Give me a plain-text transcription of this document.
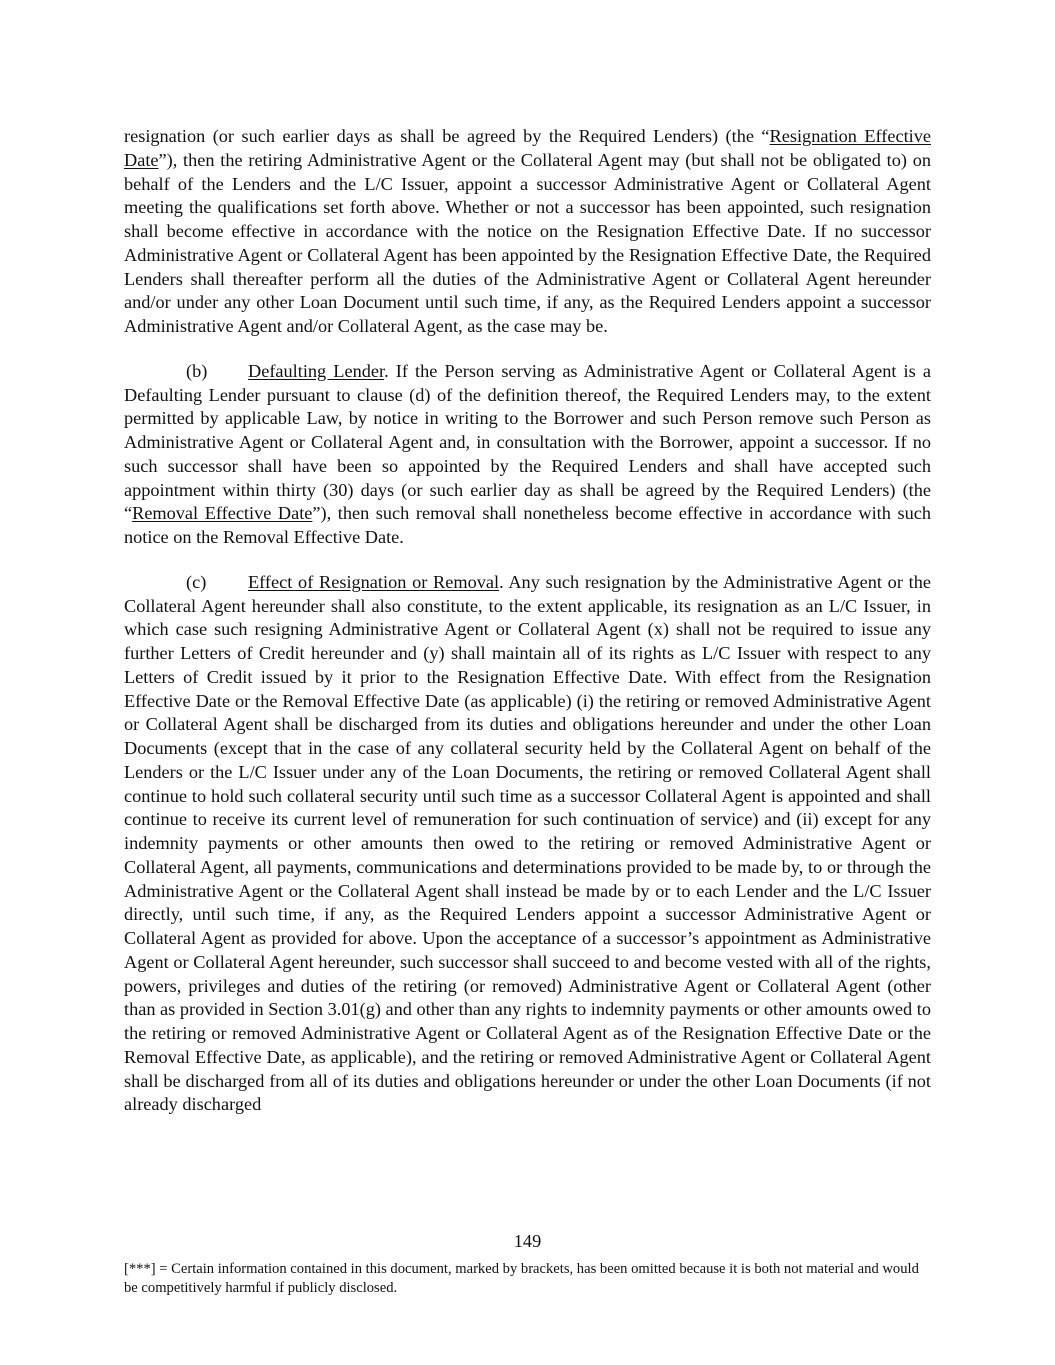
resignation (or such earlier days as shall be agreed by the Required Lenders) (the “Resignation Effective Date”), then the retiring Administrative Agent or the Collateral Agent may (but shall not be obligated to) on behalf of the Lenders and the L/C Issuer, appoint a successor Administrative Agent or Collateral Agent meeting the qualifications set forth above. Whether or not a successor has been appointed, such resignation shall become effective in accordance with the notice on the Resignation Effective Date. If no successor Administrative Agent or Collateral Agent has been appointed by the Resignation Effective Date, the Required Lenders shall thereafter perform all the duties of the Administrative Agent or Collateral Agent hereunder and/or under any other Loan Document until such time, if any, as the Required Lenders appoint a successor Administrative Agent and/or Collateral Agent, as the case may be.

(b) Defaulting Lender. If the Person serving as Administrative Agent or Collateral Agent is a Defaulting Lender pursuant to clause (d) of the definition thereof, the Required Lenders may, to the extent permitted by applicable Law, by notice in writing to the Borrower and such Person remove such Person as Administrative Agent or Collateral Agent and, in consultation with the Borrower, appoint a successor. If no such successor shall have been so appointed by the Required Lenders and shall have accepted such appointment within thirty (30) days (or such earlier day as shall be agreed by the Required Lenders) (the “Removal Effective Date”), then such removal shall nonetheless become effective in accordance with such notice on the Removal Effective Date.

(c) Effect of Resignation or Removal. Any such resignation by the Administrative Agent or the Collateral Agent hereunder shall also constitute, to the extent applicable, its resignation as an L/C Issuer, in which case such resigning Administrative Agent or Collateral Agent (x) shall not be required to issue any further Letters of Credit hereunder and (y) shall maintain all of its rights as L/C Issuer with respect to any Letters of Credit issued by it prior to the Resignation Effective Date. With effect from the Resignation Effective Date or the Removal Effective Date (as applicable) (i) the retiring or removed Administrative Agent or Collateral Agent shall be discharged from its duties and obligations hereunder and under the other Loan Documents (except that in the case of any collateral security held by the Collateral Agent on behalf of the Lenders or the L/C Issuer under any of the Loan Documents, the retiring or removed Collateral Agent shall continue to hold such collateral security until such time as a successor Collateral Agent is appointed and shall continue to receive its current level of remuneration for such continuation of service) and (ii) except for any indemnity payments or other amounts then owed to the retiring or removed Administrative Agent or Collateral Agent, all payments, communications and determinations provided to be made by, to or through the Administrative Agent or the Collateral Agent shall instead be made by or to each Lender and the L/C Issuer directly, until such time, if any, as the Required Lenders appoint a successor Administrative Agent or Collateral Agent as provided for above. Upon the acceptance of a successor’s appointment as Administrative Agent or Collateral Agent hereunder, such successor shall succeed to and become vested with all of the rights, powers, privileges and duties of the retiring (or removed) Administrative Agent or Collateral Agent (other than as provided in Section 3.01(g) and other than any rights to indemnity payments or other amounts owed to the retiring or removed Administrative Agent or Collateral Agent as of the Resignation Effective Date or the Removal Effective Date, as applicable), and the retiring or removed Administrative Agent or Collateral Agent shall be discharged from all of its duties and obligations hereunder or under the other Loan Documents (if not already discharged

149
[***] = Certain information contained in this document, marked by brackets, has been omitted because it is both not material and would be competitively harmful if publicly disclosed.
